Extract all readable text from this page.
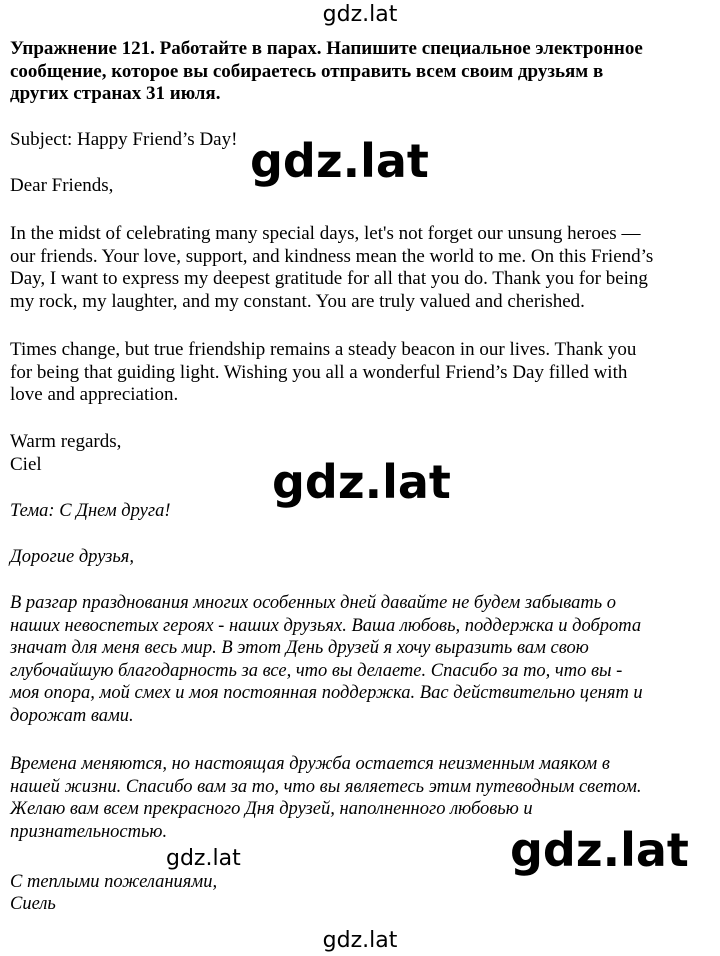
gdz.lat
gdz.lat
gdz.lat
gdz.lat
gdz.lat
gdz.lat
Упражнение 121. Работайте в парах. Напишите специальное электронное
сообщение, которое вы собираетесь отправить всем своим друзьям в
других странах 31 июля.
Subject: Happy Friend’s Day!
Dear Friends,
In the midst of celebrating many special days, let's not forget our unsung heroes —
our friends. Your love, support, and kindness mean the world to me. On this Friend’s
Day, I want to express my deepest gratitude for all that you do. Thank you for being
my rock, my laughter, and my constant. You are truly valued and cherished.
Times change, but true friendship remains a steady beacon in our lives. Thank you
for being that guiding light. Wishing you all a wonderful Friend’s Day filled with
love and appreciation.
Warm regards,
Ciel
Тема: С Днем друга!
Дорогие друзья,
В разгар празднования многих особенных дней давайте не будем забывать о
наших невоспетых героях - наших друзьях. Ваша любовь, поддержка и доброта
значат для меня весь мир. В этот День друзей я хочу выразить вам свою
глубочайшую благодарность за все, что вы делаете. Спасибо за то, что вы -
моя опора, мой смех и моя постоянная поддержка. Вас действительно ценят и
дорожат вами.
Времена меняются, но настоящая дружба остается неизменным маяком в
нашей жизни. Спасибо вам за то, что вы являетесь этим путеводным светом.
Желаю вам всем прекрасного Дня друзей, наполненного любовью и
признательностью.
С теплыми пожеланиями,
Сиель
